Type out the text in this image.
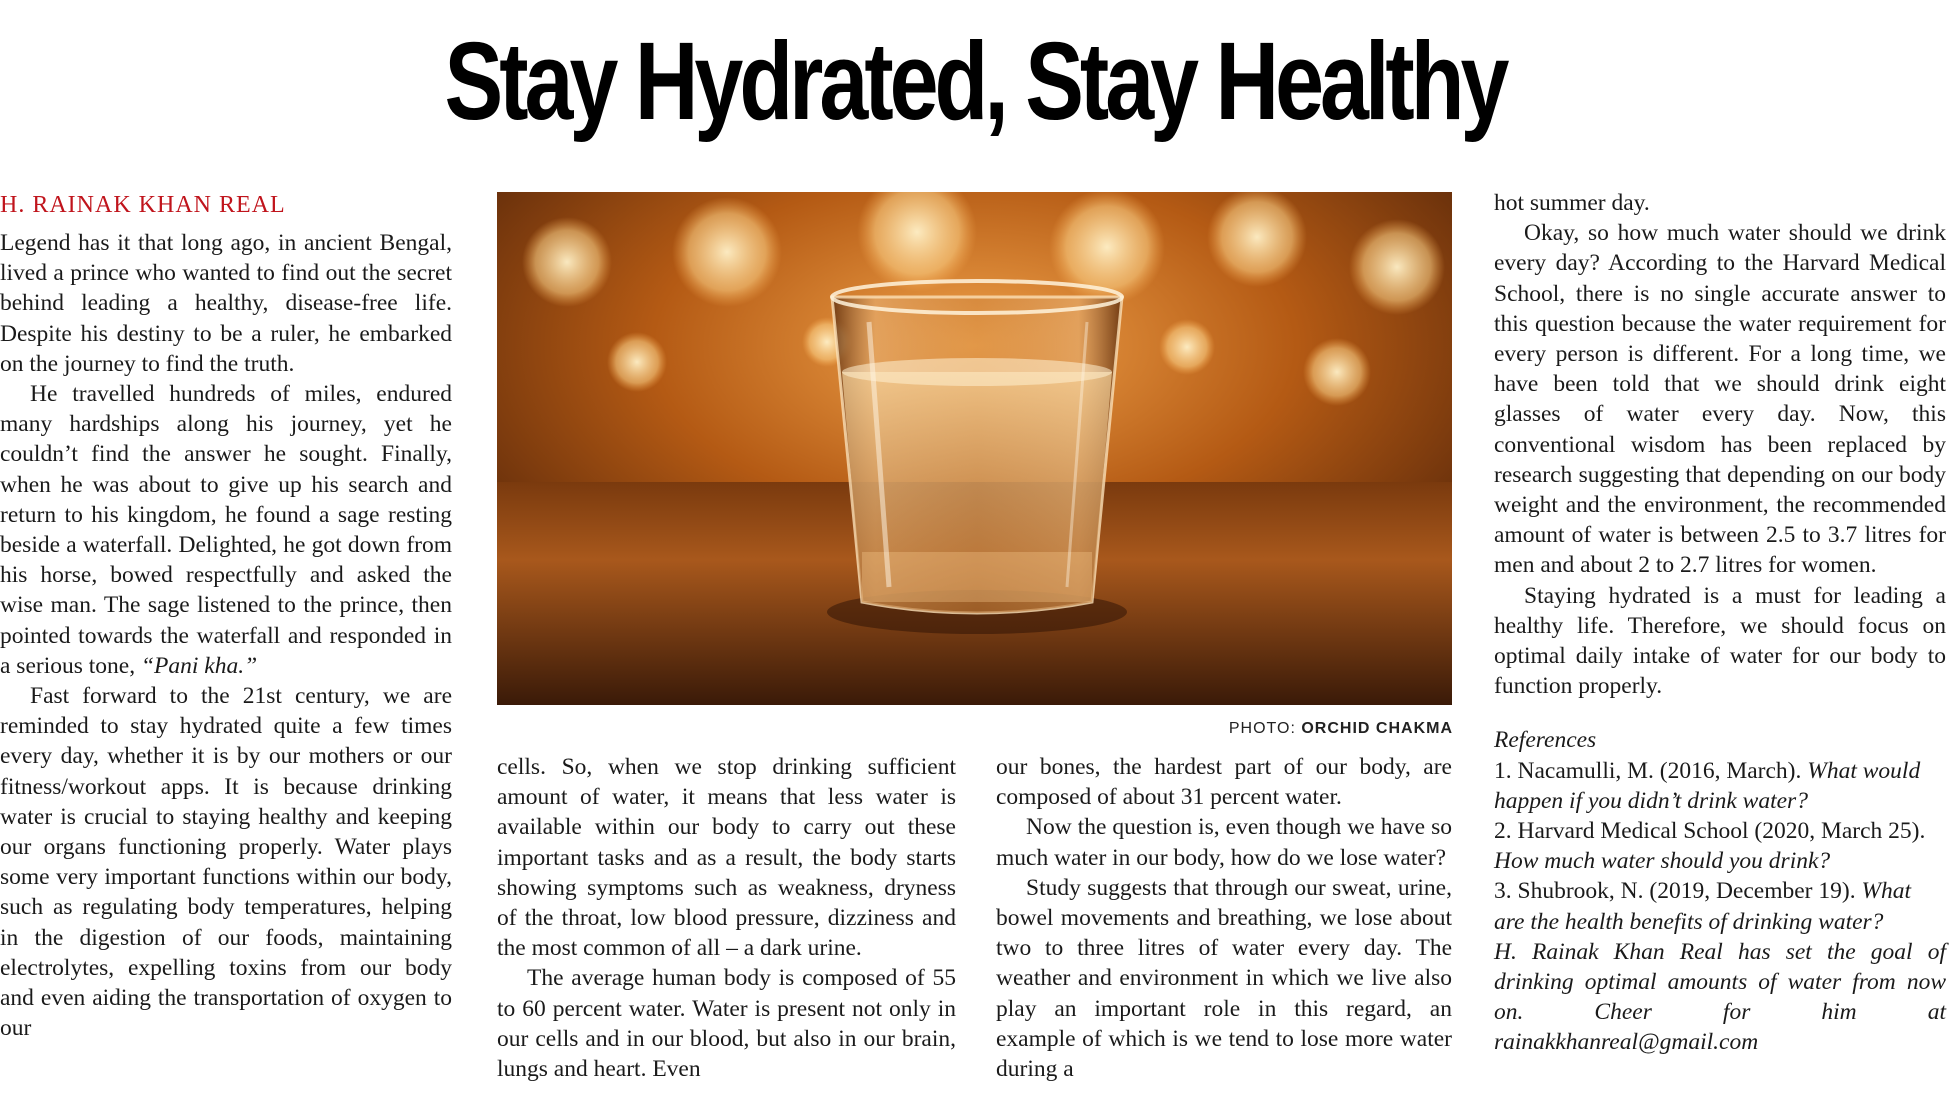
Stay Hydrated, Stay Healthy
H. RAINAK KHAN REAL

Legend has it that long ago, in ancient Bengal, lived a prince who wanted to find out the secret behind leading a healthy, disease-free life. Despite his destiny to be a ruler, he embarked on the journey to find the truth.

He travelled hundreds of miles, endured many hardships along his journey, yet he couldn’t find the answer he sought. Finally, when he was about to give up his search and return to his kingdom, he found a sage resting beside a waterfall. Delighted, he got down from his horse, bowed respectfully and asked the wise man. The sage listened to the prince, then pointed towards the waterfall and responded in a serious tone, “Pani kha.”

Fast forward to the 21st century, we are reminded to stay hydrated quite a few times every day, whether it is by our mothers or our fitness/workout apps. It is because drinking water is crucial to staying healthy and keeping our organs functioning properly. Water plays some very important functions within our body, such as regulating body temperatures, helping in the digestion of our foods, maintaining electrolytes, expelling toxins from our body and even aiding the transportation of oxygen to our

PHOTO: ORCHID CHAKMA

cells. So, when we stop drinking sufficient amount of water, it means that less water is available within our body to carry out these important tasks and as a result, the body starts showing symptoms such as weakness, dryness of the throat, low blood pressure, dizziness and the most common of all – a dark urine.

The average human body is composed of 55 to 60 percent water. Water is present not only in our cells and in our blood, but also in our brain, lungs and heart. Even

our bones, the hardest part of our body, are composed of about 31 percent water.

Now the question is, even though we have so much water in our body, how do we lose water?

Study suggests that through our sweat, urine, bowel movements and breathing, we lose about two to three litres of water every day. The weather and environment in which we live also play an important role in this regard, an example of which is we tend to lose more water during a

hot summer day.

Okay, so how much water should we drink every day? According to the Harvard Medical School, there is no single accurate answer to this question because the water requirement for every person is different. For a long time, we have been told that we should drink eight glasses of water every day. Now, this conventional wisdom has been replaced by research suggesting that depending on our body weight and the environment, the recommended amount of water is between 2.5 to 3.7 litres for men and about 2 to 2.7 litres for women.

Staying hydrated is a must for leading a healthy life. Therefore, we should focus on optimal daily intake of water for our body to function properly.

References

1. Nacamulli, M. (2016, March). What would happen if you didn’t drink water?

2. Harvard Medical School (2020, March 25). How much water should you drink?

3. Shubrook, N. (2019, December 19). What are the health benefits of drinking water?

H. Rainak Khan Real has set the goal of drinking optimal amounts of water from now on. Cheer for him at rainakkhanreal@gmail.com
